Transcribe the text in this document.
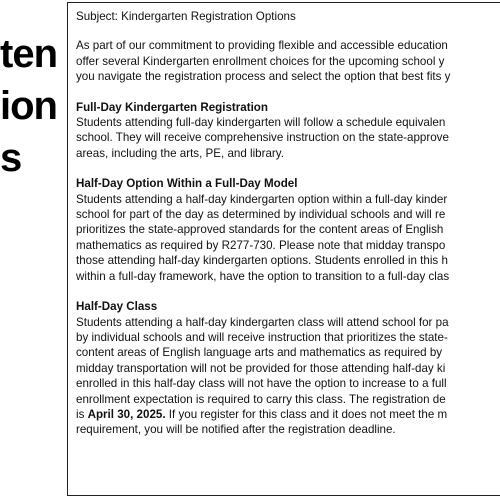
ten
ion
s

Subject: Kindergarten Registration Options

As part of our commitment to providing flexible and accessible education

offer several Kindergarten enrollment choices for the upcoming school y

you navigate the registration process and select the option that best fits y

Full-Day Kindergarten Registration

Students attending full-day kindergarten will follow a schedule equivalen

school. They will receive comprehensive instruction on the state-approve

areas, including the arts, PE, and library.

Half-Day Option Within a Full-Day Model

Students attending a half-day kindergarten option within a full-day kinder

school for part of the day as determined by individual schools and will re

prioritizes the state-approved standards for the content areas of English

mathematics as required by R277-730. Please note that midday transpo

those attending half-day kindergarten options. Students enrolled in this h

within a full-day framework, have the option to transition to a full-day clas

Half-Day Class

Students attending a half-day kindergarten class will attend school for pa

by individual schools and will receive instruction that prioritizes the state-

content areas of English language arts and mathematics as required by

midday transportation will not be provided for those attending half-day ki

enrolled in this half-day class will not have the option to increase to a full

enrollment expectation is required to carry this class. The registration de

is April 30, 2025. If you register for this class and it does not meet the m

requirement, you will be notified after the registration deadline.
